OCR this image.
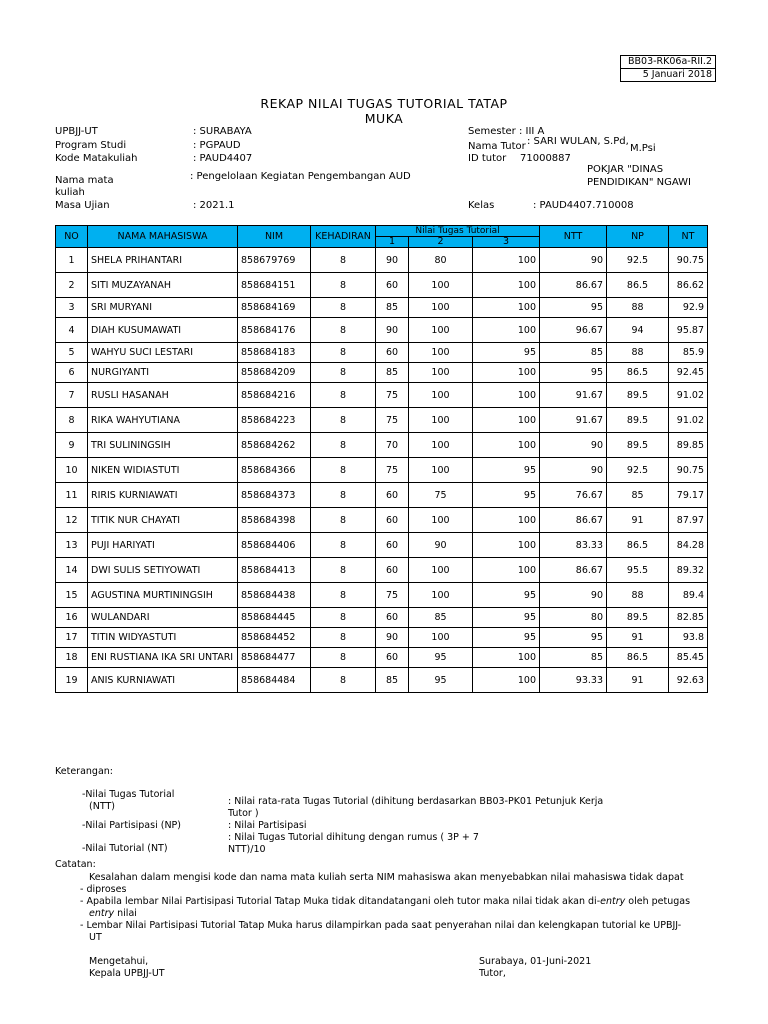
BB03-RK06a-RII.2
5 Januari 2018
REKAP NILAI TUGAS TUTORIAL TATAP
MUKA
UPBJJ-UT	: SURABAYA
Program Studi	: PGPAUD
Kode Matakuliah	: PAUD4407
Nama mata
kuliah
: Pengelolaan Kegiatan Pengembangan AUD
Masa Ujian	: 2021.1
Semester : III A
Nama Tutor : SARI WULAN, S.Pd,
M.Psi
ID tutor 71000887
POKJAR "DINAS
PENDIDIKAN" NGAWI
Kelas	: PAUD4407.710008
NO	NAMA MAHASISWA	NIM	KEHADIRAN	Nilai Tugas Tutorial			NTT	NP	NT
				1	2	3			
1	SHELA PRIHANTARI	858679769	8	90	80	100	90	92.5	90.75

2	SITI MUZAYANAH	858684151	8	60	100	100	86.67	86.5	86.62

3	SRI MURYANI	858684169	8	85	100	100	95	88	92.9
4	DIAH KUSUMAWATI	858684176	8	90	100	100	96.67	94	95.87

5	WAHYU SUCI LESTARI	858684183	8	60	100	95	85	88	85.9
6	NURGIYANTI	858684209	8	85	100	100	95	86.5	92.45

7	RUSLI HASANAH	858684216	8	75	100	100	91.67	89.5	91.02

8	RIKA WAHYUTIANA	858684223	8	75	100	100	91.67	89.5	91.02

9	TRI SULININGSIH	858684262	8	70	100	100	90	89.5	89.85

10	NIKEN WIDIASTUTI	858684366	8	75	100	95	90	92.5	90.75

11	RIRIS KURNIAWATI	858684373	8	60	75	95	76.67	85	79.17

12	TITIK NUR CHAYATI	858684398	8	60	100	100	86.67	91	87.97

13	PUJI HARIYATI	858684406	8	60	90	100	83.33	86.5	84.28

14	DWI SULIS SETIYOWATI	858684413	8	60	100	100	86.67	95.5	89.32

15	AGUSTINA MURTININGSIH	858684438	8	75	100	95	90	88	89.4
16	WULANDARI	858684445	8	60	85	95	80	89.5	82.85

17	TITIN WIDYASTUTI	858684452	8	90	100	95	95	91	93.8
18	ENI RUSTIANA IKA SRI UNTARI	858684477	8	60	95	100	85	86.5	85.45

19	ANIS KURNIAWATI	858684484	8	85	95	100	93.33	91	92.63
Keterangan:
-Nilai Tugas Tutorial
(NTT)	: Nilai rata-rata Tugas Tutorial (dihitung berdasarkan BB03-PK01 Petunjuk Kerja
Tutor )
-Nilai Partisipasi (NP)	: Nilai Partisipasi
: Nilai Tugas Tutorial dihitung dengan rumus ( 3P + 7
-Nilai Tutorial (NT)	NTT)/10
Catatan:
Kesalahan dalam mengisi kode dan nama mata kuliah serta NIM mahasiswa akan menyebabkan nilai mahasiswa tidak dapat
- diproses
- Apabila lembar Nilai Partisipasi Tutorial Tatap Muka tidak ditandatangani oleh tutor maka nilai tidak akan di-entry oleh petugas
entry nilai
- Lembar Nilai Partisipasi Tutorial Tatap Muka harus dilampirkan pada saat penyerahan nilai dan kelengkapan tutorial ke UPBJJ-
UT
Mengetahui,
Kepala UPBJJ-UT
Surabaya, 01-Juni-2021
Tutor,
